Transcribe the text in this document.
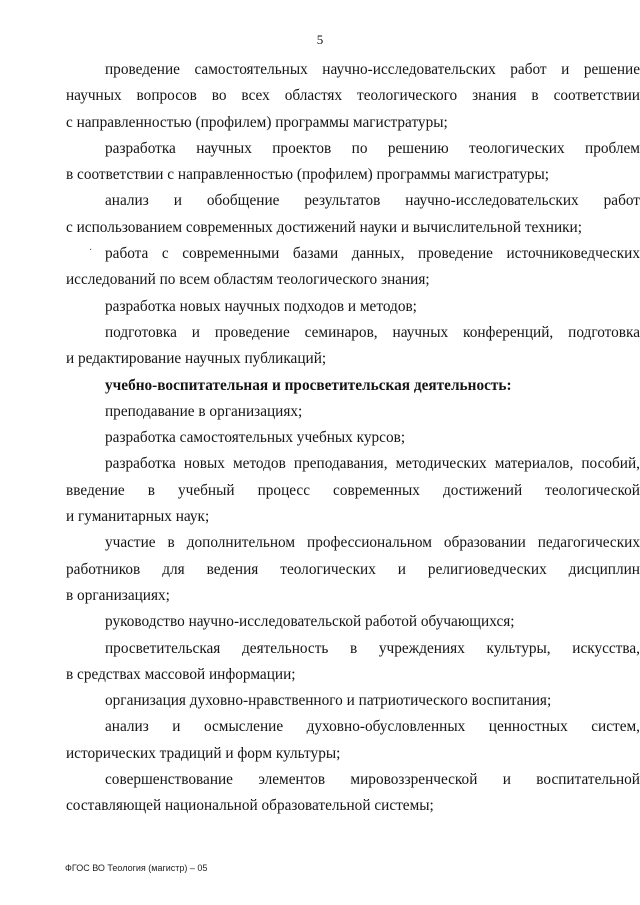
5
·
проведение самостоятельных научно-исследовательских работ и решение
научных вопросов во всех областях теологического знания в соответствии
с направленностью (профилем) программы магистратуры;
разработка научных проектов по решению теологических проблем
в соответствии с направленностью (профилем) программы магистратуры;
анализ и обобщение результатов научно-исследовательских работ
с использованием современных достижений науки и вычислительной техники;
работа с современными базами данных, проведение источниковедческих
исследований по всем областям теологического знания;
разработка новых научных подходов и методов;
подготовка и проведение семинаров, научных конференций, подготовка
и редактирование научных публикаций;
учебно-воспитательная и просветительская деятельность:
преподавание в организациях;
разработка самостоятельных учебных курсов;
разработка новых методов преподавания, методических материалов, пособий,
введение в учебный процесс современных достижений теологической
и гуманитарных наук;
участие в дополнительном профессиональном образовании педагогических
работников для ведения теологических и религиоведческих дисциплин
в организациях;
руководство научно-исследовательской работой обучающихся;
просветительская деятельность в учреждениях культуры, искусства,
в средствах массовой информации;
организация духовно-нравственного и патриотического воспитания;
анализ и осмысление духовно-обусловленных ценностных систем,
исторических традиций и форм культуры;
совершенствование элементов мировоззренческой и воспитательной
составляющей национальной образовательной системы;
ФГОС ВО Теология (магистр) – 05
